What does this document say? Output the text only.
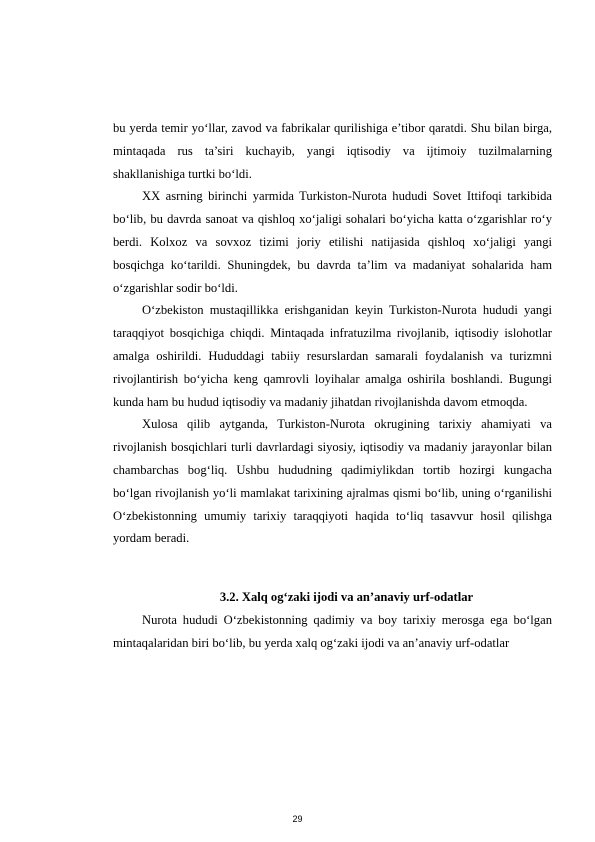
bu yerda temir yo‘llar, zavod va fabrikalar qurilishiga e’tibor qaratdi. Shu bilan birga, mintaqada rus ta’siri kuchayib, yangi iqtisodiy va ijtimoiy tuzilmalarning shakllanishiga turtki bo‘ldi.

XX asrning birinchi yarmida Turkiston-Nurota hududi Sovet Ittifoqi tarkibida bo‘lib, bu davrda sanoat va qishloq xo‘jaligi sohalari bo‘yicha katta o‘zgarishlar ro‘y berdi. Kolxoz va sovxoz tizimi joriy etilishi natijasida qishloq xo‘jaligi yangi bosqichga ko‘tarildi. Shuningdek, bu davrda ta’lim va madaniyat sohalarida ham o‘zgarishlar sodir bo‘ldi.

O‘zbekiston mustaqillikka erishganidan keyin Turkiston-Nurota hududi yangi taraqqiyot bosqichiga chiqdi. Mintaqada infratuzilma rivojlanib, iqtisodiy islohotlar amalga oshirildi. Hududdagi tabiiy resurslardan samarali foydalanish va turizmni rivojlantirish bo‘yicha keng qamrovli loyihalar amalga oshirila boshlandi. Bugungi kunda ham bu hudud iqtisodiy va madaniy jihatdan rivojlanishda davom etmoqda.

Xulosa qilib aytganda, Turkiston-Nurota okrugining tarixiy ahamiyati va rivojlanish bosqichlari turli davrlardagi siyosiy, iqtisodiy va madaniy jarayonlar bilan chambarchas bog‘liq. Ushbu hududning qadimiylikdan tortib hozirgi kungacha bo‘lgan rivojlanish yo‘li mamlakat tarixining ajralmas qismi bo‘lib, uning o‘rganilishi O‘zbekistonning umumiy tarixiy taraqqiyoti haqida to‘liq tasavvur hosil qilishga yordam beradi.

3.2. Xalq og‘zaki ijodi va an’anaviy urf-odatlar

Nurota hududi O‘zbekistonning qadimiy va boy tarixiy merosga ega bo‘lgan mintaqalaridan biri bo‘lib, bu yerda xalq og‘zaki ijodi va an’anaviy urf-odatlar

29
